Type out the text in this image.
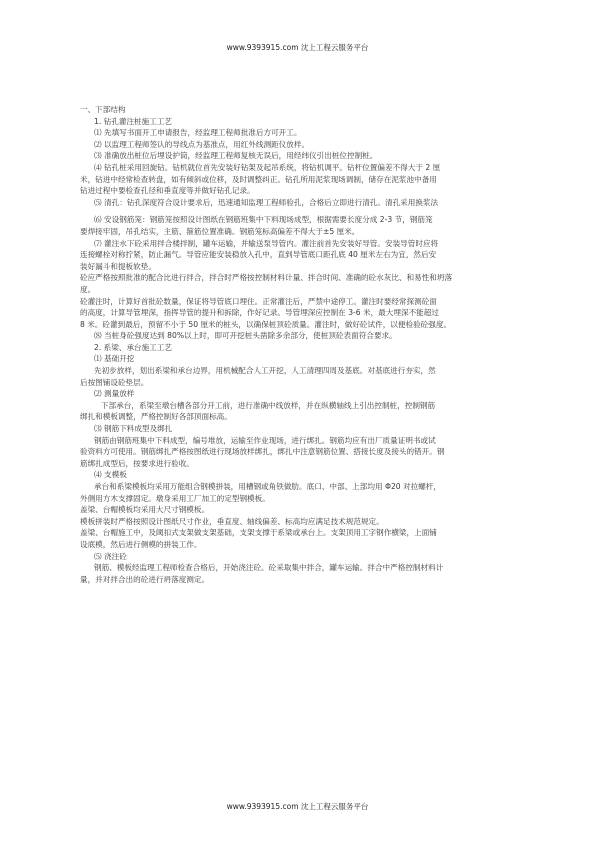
www.9393915.com 沈上工程云服务平台
一、下部结构
1. 钻孔灌注桩施工工艺
⑴ 先填写书面开工申请报告，经监理工程师批准后方可开工。
⑵ 以监理工程师签认的导线点为基准点，用红外线测距仪放样。
⑶ 准确放出桩位后埋设护筒，经监理工程师复核无误后，用经纬仪引出桩位控制桩。
⑷ 钻孔桩采用回旋钻。钻机就位首先安装好钻架及起吊系统，将钻机调平。钻杆位置偏差不得大于 2 厘
米，钻进中经常检查转盘，如有倾斜或位移，及时调整纠正。钻孔所用泥浆现场调制，储存在泥浆池中备用
钻进过程中要检查孔径和垂直度等并做好钻孔记录。
⑸ 清孔：钻孔深度符合设计要求后，迅速通知监理工程师验孔，合格后立即进行清孔。清孔采用换浆法
⑹ 安设钢筋笼：钢筋笼按照设计图纸在钢筋班集中下料现场成型，根据需要长度分成 2-3 节，钢筋笼
要焊接牢固，吊孔结实，主筋、箍筋位置准确。钢筋笼标高偏差不得大于±5 厘米。
⑺ 灌注水下砼采用拌合楼拌制，罐车运输，并输送泵导管内。灌注前首先安装好导管。安装导管时应将
连接螺栓对称拧紧，防止漏气。导管应能安装稳放入孔中，直到导管底口距孔底 40 厘米左右为宜，然后安
装好漏斗和提板软垫。
砼应严格按照批准的配合比进行拌合，拌合时严格按控制材料计量、拌合时间、准确的砼水灰比、和易性和坍落
度。
砼灌注时，计算好首批砼数量，保证将导管底口埋住。正常灌注后，严禁中途停工。灌注时要经常探测砼面
的高度，计算导管埋深，指挥导管的提升和拆除，作好记录。导管埋深应控制在 3-6 米，最大埋深不能超过
8 米。砼灌到最后，预留不小于 50 厘米的桩头，以确保桩顶砼质量。灌注时，做好砼试件，以便检验砼强度。
⑻ 当桩身砼强度达到 80%以上时，即可开挖桩头凿除多余部分，使桩顶砼表面符合要求。
2. 系梁、承台施工工艺
⑴ 基础开挖
先初步放样，划出系梁和承台边界，用机械配合人工开挖，人工清理四周及基底。对基底进行夯实，然
后按图铺设砼垫层。
⑵ 测量放样
下部承台，系梁至墩台槽各部分开工前，进行准确中线放样，并在纵横轴线上引出控制桩，控制钢筋
绑扎和模板调整，严格控制好各部顶面标高。
⑶ 钢筋下料成型及绑扎
钢筋由钢筋班集中下料成型，编号堆放，运输至作业现场，进行绑扎。钢筋均应有出厂质量证明书或试
验资料方可使用。钢筋绑扎严格按图纸进行现场放样绑扎，绑扎中注意钢筋位置、搭接长度及接头的错开。钢
筋绑扎成型后，按要求进行验收。
⑷ 支模板
承台和系梁模板均采用万能组合钢模拼装，用槽钢或角铁做肋。底口、中部、上部均用 Φ20 对拉螺杆，
外侧用方木支撑固定。墩身采用工厂加工的定型钢模板。
盖梁、台帽模板均采用大尺寸钢模板。
模板拼装时严格按照设计图纸尺寸作业，垂直度、轴线偏差、标高均应满足技术规范规定。
盖梁、台帽施工中，及阈扣式支架做支架基础，支架支撑于系梁或承台上。支架顶用工字钢作横梁，上面铺
设底模，然后进行侧模的拼装工作。
⑸ 浇注砼
钢筋、模板经监理工程师检查合格后，开始浇注砼。砼采取集中拌合，罐车运输。拌合中严格控制材料计
量，并对拌合出的砼进行坍落度测定。
www.9393915.com 沈上工程云服务平台
